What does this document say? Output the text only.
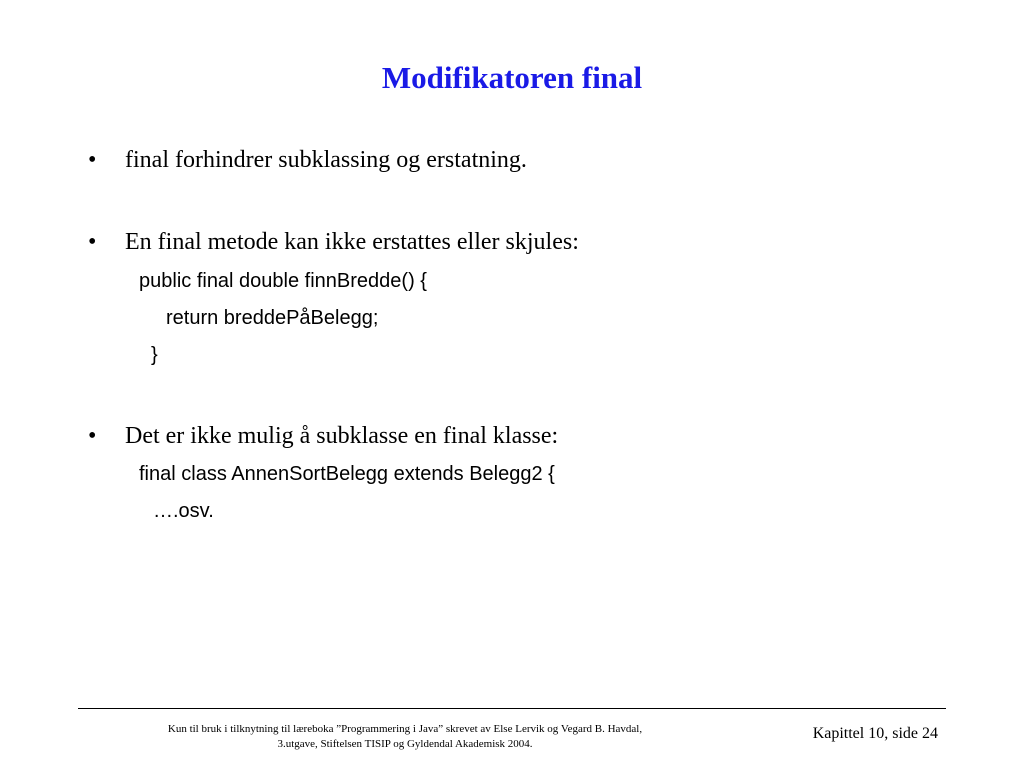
Modifikatoren final
• final forhindrer subklassing og erstatning.
• En final metode kan ikke erstattes eller skjules:
public final double finnBredde() {
return breddePåBelegg;
}
• Det er ikke mulig å subklasse en final klasse:
final class AnnenSortBelegg extends Belegg2 {
….osv.
Kun til bruk i tilknytning til læreboka ”Programmering i Java” skrevet av Else Lervik og Vegard B. Havdal,
3.utgave, Stiftelsen TISIP og Gyldendal Akademisk 2004.
Kapittel 10, side 24
